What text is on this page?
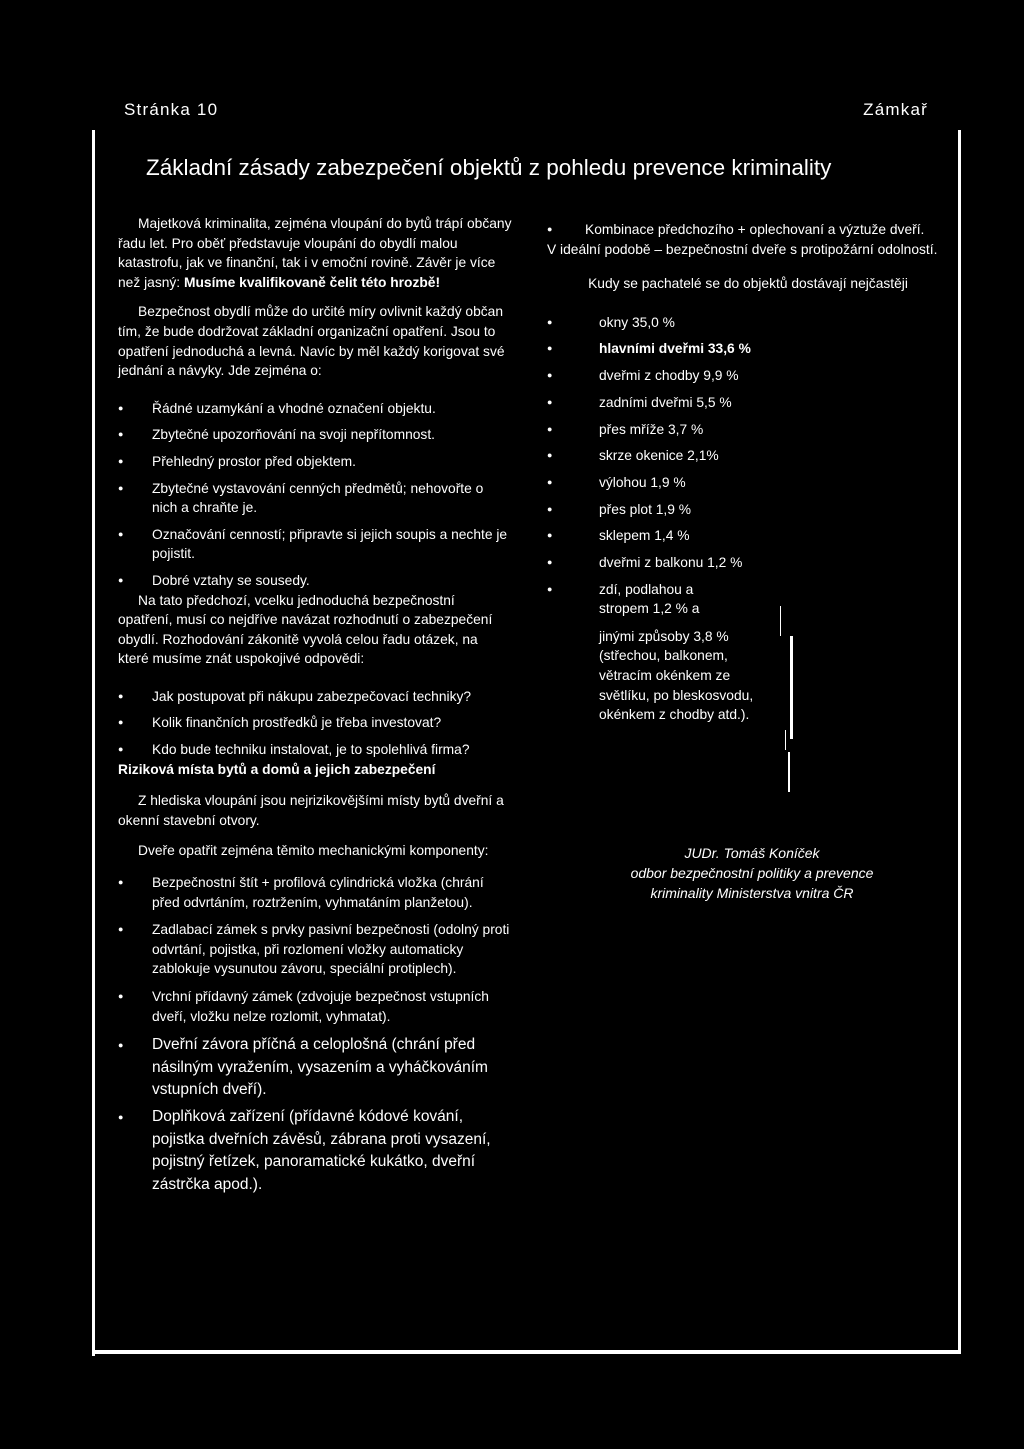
Stránka 10	Zámkař
Základní zásady zabezpečení objektů z pohledu prevence kriminality

Majetková kriminalita, zejména vloupání do bytů trápí občany řadu let. Pro oběť představuje vloupání do obydlí malou katastrofu, jak ve finanční, tak i v emoční rovině. Závěr je více než jasný: Musíme kvalifikovaně čelit této hrozbě!

Bezpečnost obydlí může do určité míry ovlivnit každý občan tím, že bude dodržovat základní organizační opatření. Jsou to opatření jednoduchá a levná. Navíc by měl každý korigovat své jednání a návyky. Jde zejména o:

● Řádné uzamykání a vhodné označení objektu.
● Zbytečné upozorňování na svoji nepřítomnost.
● Přehledný prostor před objektem.
● Zbytečné vystavování cenných předmětů; nehovořte o nich a chraňte je.
● Označování cenností; připravte si jejich soupis a nechte je pojistit.
● Dobré vztahy se sousedy.

Na tato předchozí, vcelku jednoduchá bezpečnostní opatření, musí co nejdříve navázat rozhodnutí o zabezpečení obydlí. Rozhodování zákonitě vyvolá celou řadu otázek, na které musíme znát uspokojivé odpovědi:

● Jak postupovat při nákupu zabezpečovací techniky?
● Kolik finančních prostředků je třeba investovat?
● Kdo bude techniku instalovat, je to spolehlivá firma?

Riziková místa bytů a domů a jejich zabezpečení

Z hlediska vloupání jsou nejrizikovějšími místy bytů dveřní a okenní stavební otvory.

Dveře opatřit zejména těmito mechanickými komponenty:

● Bezpečnostní štít + profilová cylindrická vložka (chrání před odvrtáním, roztržením, vyhmatáním planžetou).
● Zadlabací zámek s prvky pasivní bezpečnosti (odolný proti odvrtání, pojistka, při rozlomení vložky automaticky zablokuje vysunutou závoru, speciální protiplech).
● Vrchní přídavný zámek (zdvojuje bezpečnost vstupních dveří, vložku nelze rozlomit, vyhmatat).
● Dveřní závora příčná a celoplošná (chrání před násilným vyražením, vysazením a vyháčkováním vstupních dveří).
● Doplňková zařízení (přídavné kódové kování, pojistka dveřních závěsů, zábrana proti vysazení, pojistný řetízek, panoramatické kukátko, dveřní zástrčka apod.).
● Kombinace předchozího + oplechovaní a výztuže dveří.

V ideální podobě – bezpečnostní dveře s protipožární odolností.

Kudy se pachatelé se do objektů dostávají nejčastěji

● okny 35,0 %
● hlavními dveřmi 33,6 %
● dveřmi z chodby 9,9 %
● zadními dveřmi 5,5 %
● přes mříže 3,7 %
● skrze okenice 2,1%
● výlohou 1,9 %
● přes plot 1,9 %
● sklepem 1,4 %
● dveřmi z balkonu 1,2 %
● zdí, podlahou a stropem 1,2 % a

jinými způsoby 3,8 % (střechou, balkonem, větracím okénkem ze světlíku, po bleskosvodu, okénkem z chodby atd.).

JUDr. Tomáš Koníček
odbor bezpečnostní politiky a prevence kriminality Ministerstva vnitra ČR
